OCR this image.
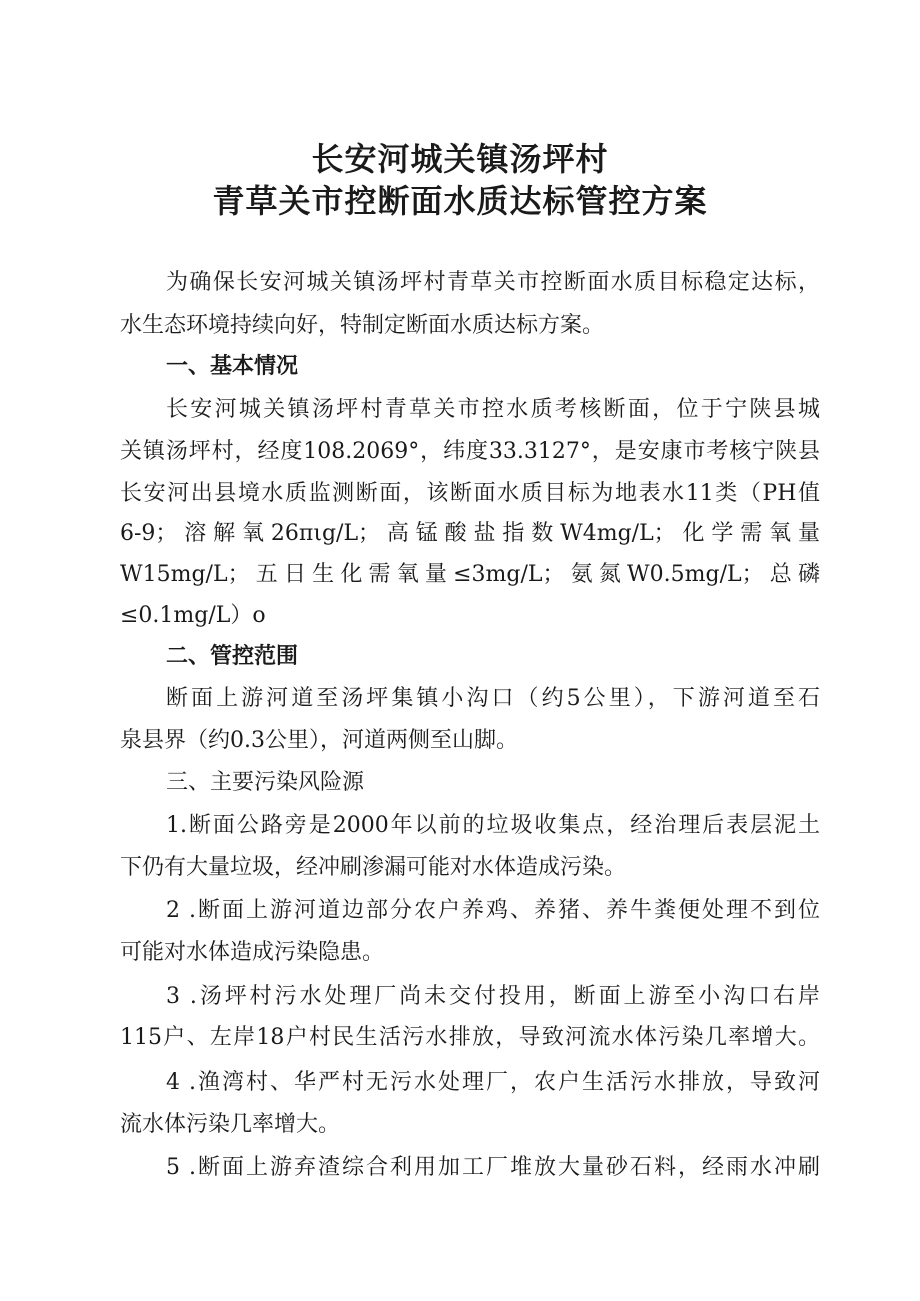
长安河城关镇汤坪村
青草关市控断面水质达标管控方案
为确保长安河城关镇汤坪村青草关市控断面水质目标稳定达标，
水生态环境持续向好，特制定断面水质达标方案。
一、基本情况
长安河城关镇汤坪村青草关市控水质考核断面，位于宁陕县城
关镇汤坪村，经度108.2069°，纬度33.3127°，是安康市考核宁陕县
长安河出县境水质监测断面，该断面水质目标为地表水11类（PH值
6-9；溶解氧26πιg/L；高锰酸盐指数W4mg/L；化学需氧量
W15mg/L；五日生化需氧量≤3mg/L；氨氮W0.5mg/L；总磷
≤0.1mg/L）o
二、管控范围
断面上游河道至汤坪集镇小沟口（约5公里），下游河道至石
泉县界（约0.3公里），河道两侧至山脚。
三、主要污染风险源
1.断面公路旁是2000年以前的垃圾收集点，经治理后表层泥土
下仍有大量垃圾，经冲刷渗漏可能对水体造成污染。
2 .断面上游河道边部分农户养鸡、养猪、养牛粪便处理不到位
可能对水体造成污染隐患。
3 .汤坪村污水处理厂尚未交付投用，断面上游至小沟口右岸
115户、左岸18户村民生活污水排放，导致河流水体污染几率增大。
4 .渔湾村、华严村无污水处理厂，农户生活污水排放，导致河
流水体污染几率增大。
5 .断面上游弃渣综合利用加工厂堆放大量砂石料，经雨水冲刷
